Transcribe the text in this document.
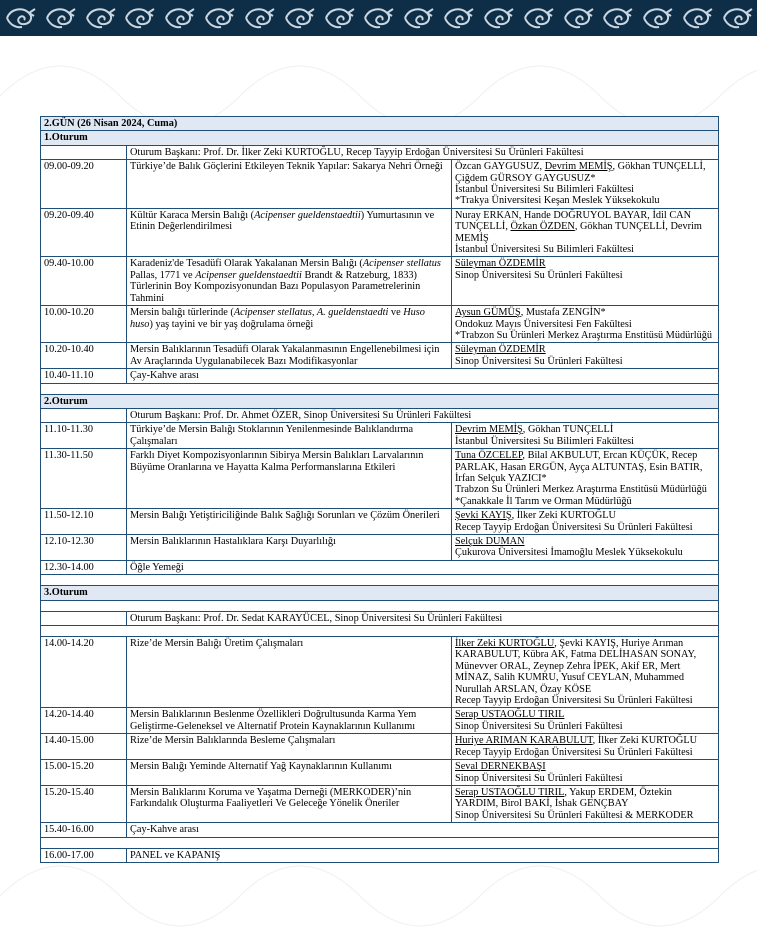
2.GÜN (26 Nisan 2024, Cuma)		
1.Oturum		
	Oturum Başkanı: Prof. Dr. İlker Zeki KURTOĞLU, Recep Tayyip Erdoğan Üniversitesi Su Ürünleri Fakültesi	
09.00-09.20	Türkiye’de Balık Göçlerini Etkileyen Teknik Yapılar: Sakarya Nehri Örneği	Özcan GAYGUSUZ, Devrim MEMİŞ, Gökhan TUNÇELLİ, Çiğdem GÜRSOY GAYGUSUZ*
İstanbul Üniversitesi Su Bilimleri Fakültesi
*Trakya Üniversitesi Keşan Meslek Yüksekokulu
09.20-09.40	Kültür Karaca Mersin Balığı (Acipenser gueldenstaedtii) Yumurtasının ve Etinin Değerlendirilmesi	Nuray ERKAN, Hande DOĞRUYOL BAYAR, İdil CAN TUNÇELLİ, Özkan ÖZDEN, Gökhan TUNÇELLİ, Devrim MEMİŞ
İstanbul Üniversitesi Su Bilimleri Fakültesi
09.40-10.00	Karadeniz'de Tesadüfi Olarak Yakalanan Mersin Balığı (Acipenser stellatus Pallas, 1771 ve Acipenser gueldenstaedtii Brandt & Ratzeburg, 1833) Türlerinin Boy Kompozisyonundan Bazı Populasyon Parametrelerinin Tahmini	Süleyman ÖZDEMİR
Sinop Üniversitesi Su Ürünleri Fakültesi
10.00-10.20	Mersin balığı türlerinde (Acipenser stellatus, A. gueldenstaedti ve Huso huso) yaş tayini ve bir yaş doğrulama örneği	Aysun GÜMÜŞ, Mustafa ZENGİN*
Ondokuz Mayıs Üniversitesi Fen Fakültesi
*Trabzon Su Ürünleri Merkez Araştırma Enstitüsü Müdürlüğü
10.20-10.40	Mersin Balıklarının Tesadüfi Olarak Yakalanmasının Engellenebilmesi için Av Araçlarında Uygulanabilecek Bazı Modifikasyonlar	Süleyman ÖZDEMİR
Sinop Üniversitesi Su Ürünleri Fakültesi
10.40-11.10	Çay-Kahve arası	

2.Oturum		
	Oturum Başkanı: Prof. Dr. Ahmet ÖZER, Sinop Üniversitesi Su Ürünleri Fakültesi	
11.10-11.30	Türkiye’de Mersin Balığı Stoklarının Yenilenmesinde Balıklandırma Çalışmaları	Devrim MEMİŞ, Gökhan TUNÇELLİ
İstanbul Üniversitesi Su Bilimleri Fakültesi
11.30-11.50	Farklı Diyet Kompozisyonlarının Sibirya Mersin Balıkları Larvalarının Büyüme Oranlarına ve Hayatta Kalma Performanslarına Etkileri	Tuna ÖZCELEP, Bilal AKBULUT, Ercan KÜÇÜK, Recep PARLAK, Hasan ERGÜN, Ayça ALTUNTAŞ, Esin BATIR, İrfan Selçuk YAZICI*
Trabzon Su Ürünleri Merkez Araştırma Enstitüsü Müdürlüğü
*Çanakkale İl Tarım ve Orman Müdürlüğü
11.50-12.10	Mersin Balığı Yetiştiriciliğinde Balık Sağlığı Sorunları ve Çözüm Önerileri	Şevki KAYIŞ, İlker Zeki KURTOĞLU
Recep Tayyip Erdoğan Üniversitesi Su Ürünleri Fakültesi
12.10-12.30	Mersin Balıklarının Hastalıklara Karşı Duyarlılığı	Selçuk DUMAN
Çukurova Üniversitesi İmamoğlu Meslek Yüksekokulu
12.30-14.00	Öğle Yemeği	

3.Oturum		

	Oturum Başkanı: Prof. Dr. Sedat KARAYÜCEL, Sinop Üniversitesi Su Ürünleri Fakültesi	

14.00-14.20	Rize’de Mersin Balığı Üretim Çalışmaları	İlker Zeki KURTOĞLU, Şevki KAYIŞ, Huriye Arıman KARABULUT, Kübra AK, Fatma DELİHASAN SONAY, Münevver ORAL, Zeynep Zehra İPEK, Akif ER, Mert MİNAZ, Salih KUMRU, Yusuf CEYLAN, Muhammed Nurullah ARSLAN, Özay KÖSE
Recep Tayyip Erdoğan Üniversitesi Su Ürünleri Fakültesi
14.20-14.40	Mersin Balıklarının Beslenme Özellikleri Doğrultusunda Karma Yem Geliştirme-Geleneksel ve Alternatif Protein Kaynaklarının Kullanımı	Serap USTAOĞLU TIRIL
Sinop Üniversitesi Su Ürünleri Fakültesi
14.40-15.00	Rize’de Mersin Balıklarında Besleme Çalışmaları	Huriye ARIMAN KARABULUT, İlker Zeki KURTOĞLU
Recep Tayyip Erdoğan Üniversitesi Su Ürünleri Fakültesi
15.00-15.20	Mersin Balığı Yeminde Alternatif Yağ Kaynaklarının Kullanımı	Seval DERNEKBAŞI
Sinop Üniversitesi Su Ürünleri Fakültesi
15.20-15.40	Mersin Balıklarını Koruma ve Yaşatma Derneği (MERKODER)’nin Farkındalık Oluşturma Faaliyetleri Ve Geleceğe Yönelik Öneriler	Serap USTAOĞLU TIRIL, Yakup ERDEM, Öztekin YARDIM, Birol BAKİ, İshak GENÇBAY
Sinop Üniversitesi Su Ürünleri Fakültesi & MERKODER
15.40-16.00	Çay-Kahve arası	

16.00-17.00	PANEL ve KAPANIŞ	
